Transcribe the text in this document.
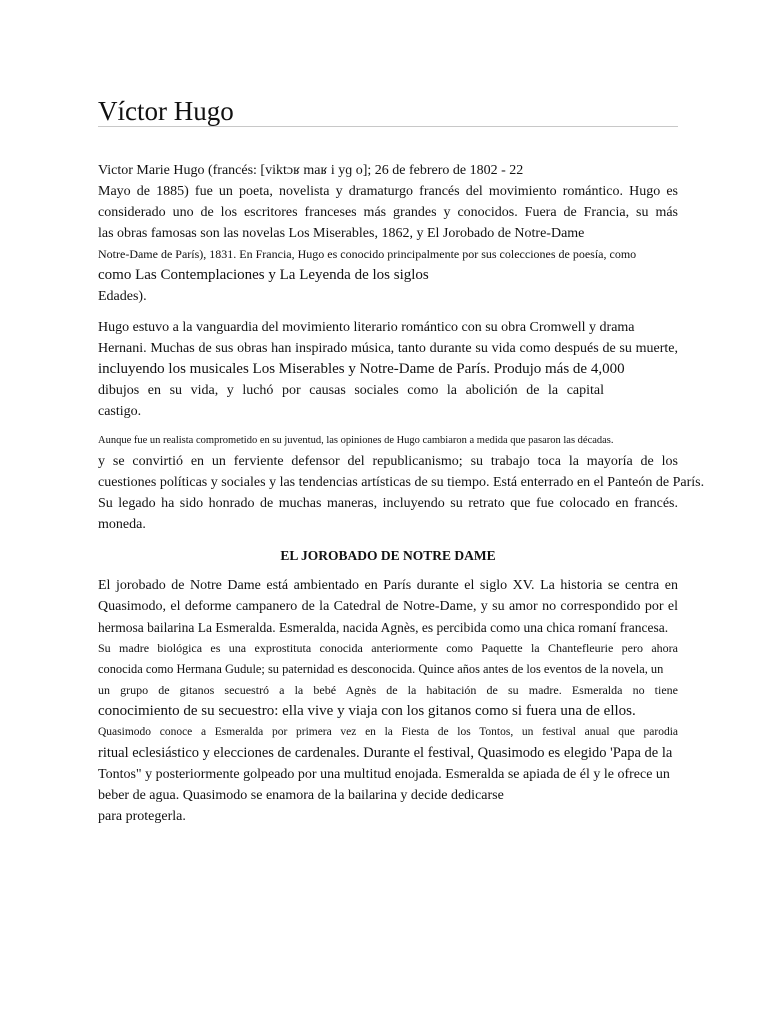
Víctor Hugo
Victor Marie Hugo (francés: [viktɔʁ maʁ i yɡ o]; 26 de febrero de 1802 - 22
Mayo de 1885) fue un poeta, novelista y dramaturgo francés del movimiento romántico. Hugo es
considerado uno de los escritores franceses más grandes y conocidos. Fuera de Francia, su más
las obras famosas son las novelas Los Miserables, 1862, y El Jorobado de Notre-Dame
Notre-Dame de París), 1831. En Francia, Hugo es conocido principalmente por sus colecciones de poesía, como
como Las Contemplaciones y La Leyenda de los siglos
Edades).
Hugo estuvo a la vanguardia del movimiento literario romántico con su obra Cromwell y drama
Hernani. Muchas de sus obras han inspirado música, tanto durante su vida como después de su muerte,
incluyendo los musicales Los Miserables y Notre-Dame de París. Produjo más de 4,000
dibujos en su vida, y luchó por causas sociales como la abolición de la capital
castigo.
Aunque fue un realista comprometido en su juventud, las opiniones de Hugo cambiaron a medida que pasaron las décadas.
y se convirtió en un ferviente defensor del republicanismo; su trabajo toca la mayoría de los
cuestiones políticas y sociales y las tendencias artísticas de su tiempo. Está enterrado en el Panteón de París.
Su legado ha sido honrado de muchas maneras, incluyendo su retrato que fue colocado en francés.
moneda.
EL JOROBADO DE NOTRE DAME
El jorobado de Notre Dame está ambientado en París durante el siglo XV. La historia se centra en
Quasimodo, el deforme campanero de la Catedral de Notre-Dame, y su amor no correspondido por el
hermosa bailarina La Esmeralda. Esmeralda, nacida Agnès, es percibida como una chica romaní francesa.
Su madre biológica es una exprostituta conocida anteriormente como Paquette la Chantefleurie pero ahora
conocida como Hermana Gudule; su paternidad es desconocida. Quince años antes de los eventos de la novela, un
un grupo de gitanos secuestró a la bebé Agnès de la habitación de su madre. Esmeralda no tiene
conocimiento de su secuestro: ella vive y viaja con los gitanos como si fuera una de ellos.
Quasimodo conoce a Esmeralda por primera vez en la Fiesta de los Tontos, un festival anual que parodia
ritual eclesiástico y elecciones de cardenales. Durante el festival, Quasimodo es elegido 'Papa de la
Tontos" y posteriormente golpeado por una multitud enojada. Esmeralda se apiada de él y le ofrece un
beber de agua. Quasimodo se enamora de la bailarina y decide dedicarse
para protegerla.
